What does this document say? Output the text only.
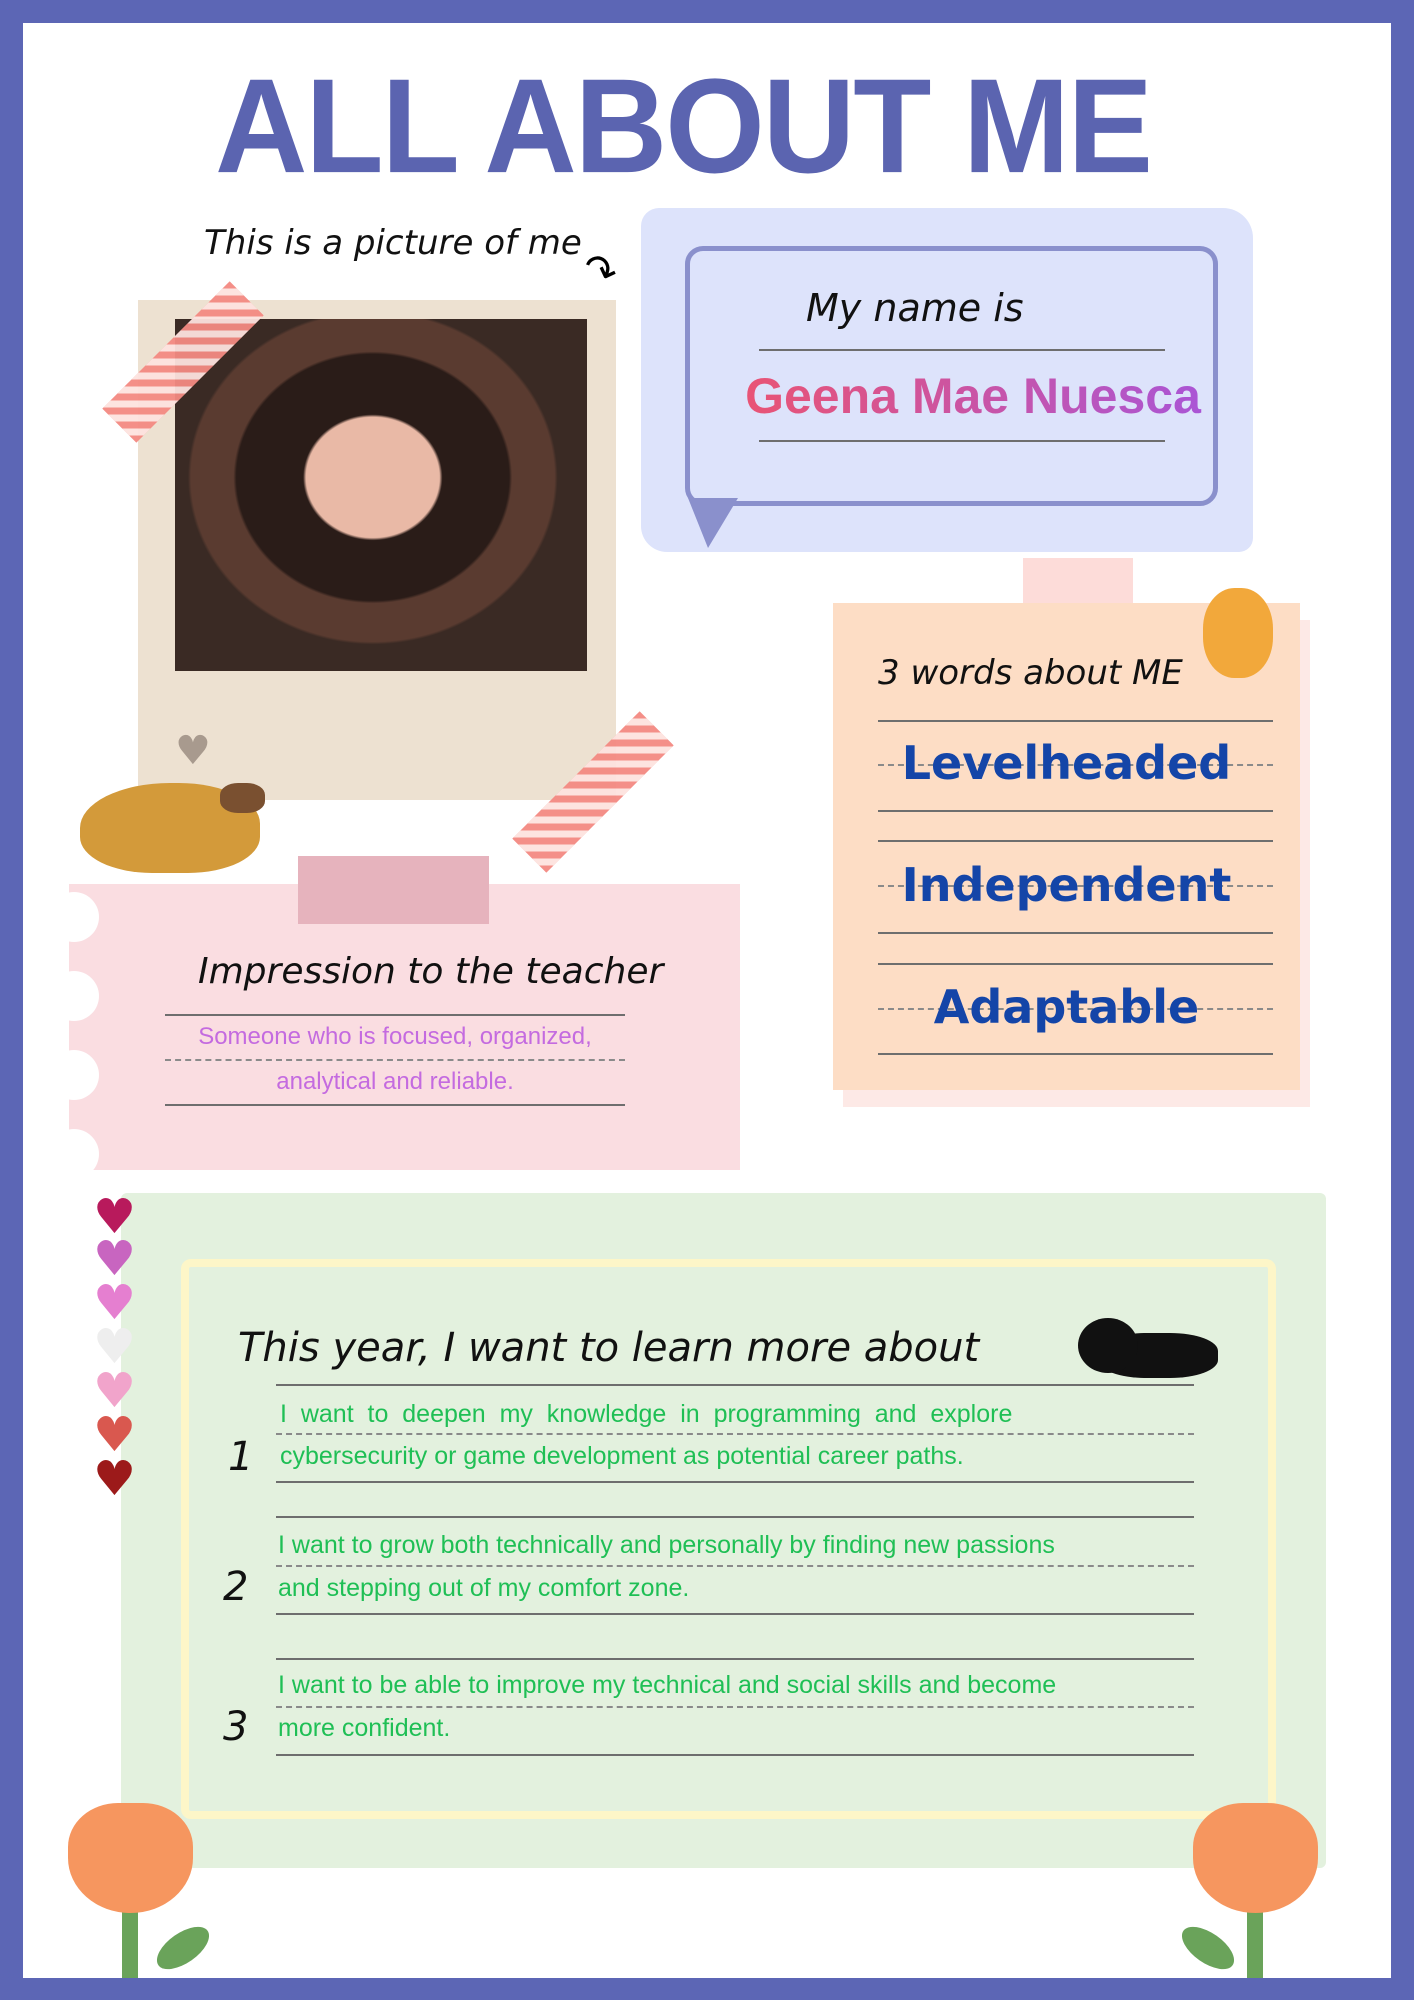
ALL ABOUT ME
This is a picture of me
↷
♥
My name is
Geena Mae Nuesca
3 words about ME
Levelheaded
Independent
Adaptable
Impression to the teacher
Someone who is focused, organized,
analytical and reliable.
♥
♥
♥
♥
♥
♥
♥
This year, I want to learn more about
1
I  want  to  deepen  my  knowledge  in  programming  and  explore
cybersecurity or game development as potential career paths.
2
I want to grow both technically and personally by finding new passions
and stepping out of my comfort zone.
3
I want to be able to improve my technical and social skills and become
more confident.
